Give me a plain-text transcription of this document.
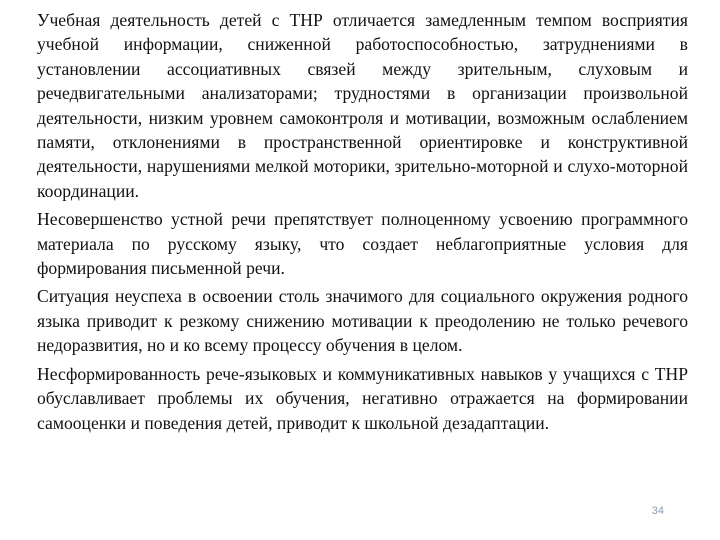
Учебная деятельность детей с ТНР отличается замедленным темпом восприятия учебной информации, сниженной работоспособностью, затруднениями в установлении ассоциативных связей между зрительным, слуховым и речедвигательными анализаторами; трудностями в организации произвольной деятельности, низким уровнем самоконтроля и мотивации, возможным ослаблением памяти, отклонениями в пространственной ориентировке и конструктивной деятельности, нарушениями мелкой моторики, зрительно-моторной и слухо-моторной координации.

Несовершенство устной речи препятствует полноценному усвоению программного материала по русскому языку, что создает неблагоприятные условия для формирования письменной речи.

Ситуация неуспеха в освоении столь значимого для социального окружения родного языка приводит к резкому снижению мотивации к преодолению не только речевого недоразвития, но и ко всему процессу обучения в целом.

Несформированность рече-языковых и коммуникативных навыков у учащихся с ТНР обуславливает проблемы их обучения, негативно отражается на формировании самооценки и поведения детей, приводит к школьной дезадаптации.

34
